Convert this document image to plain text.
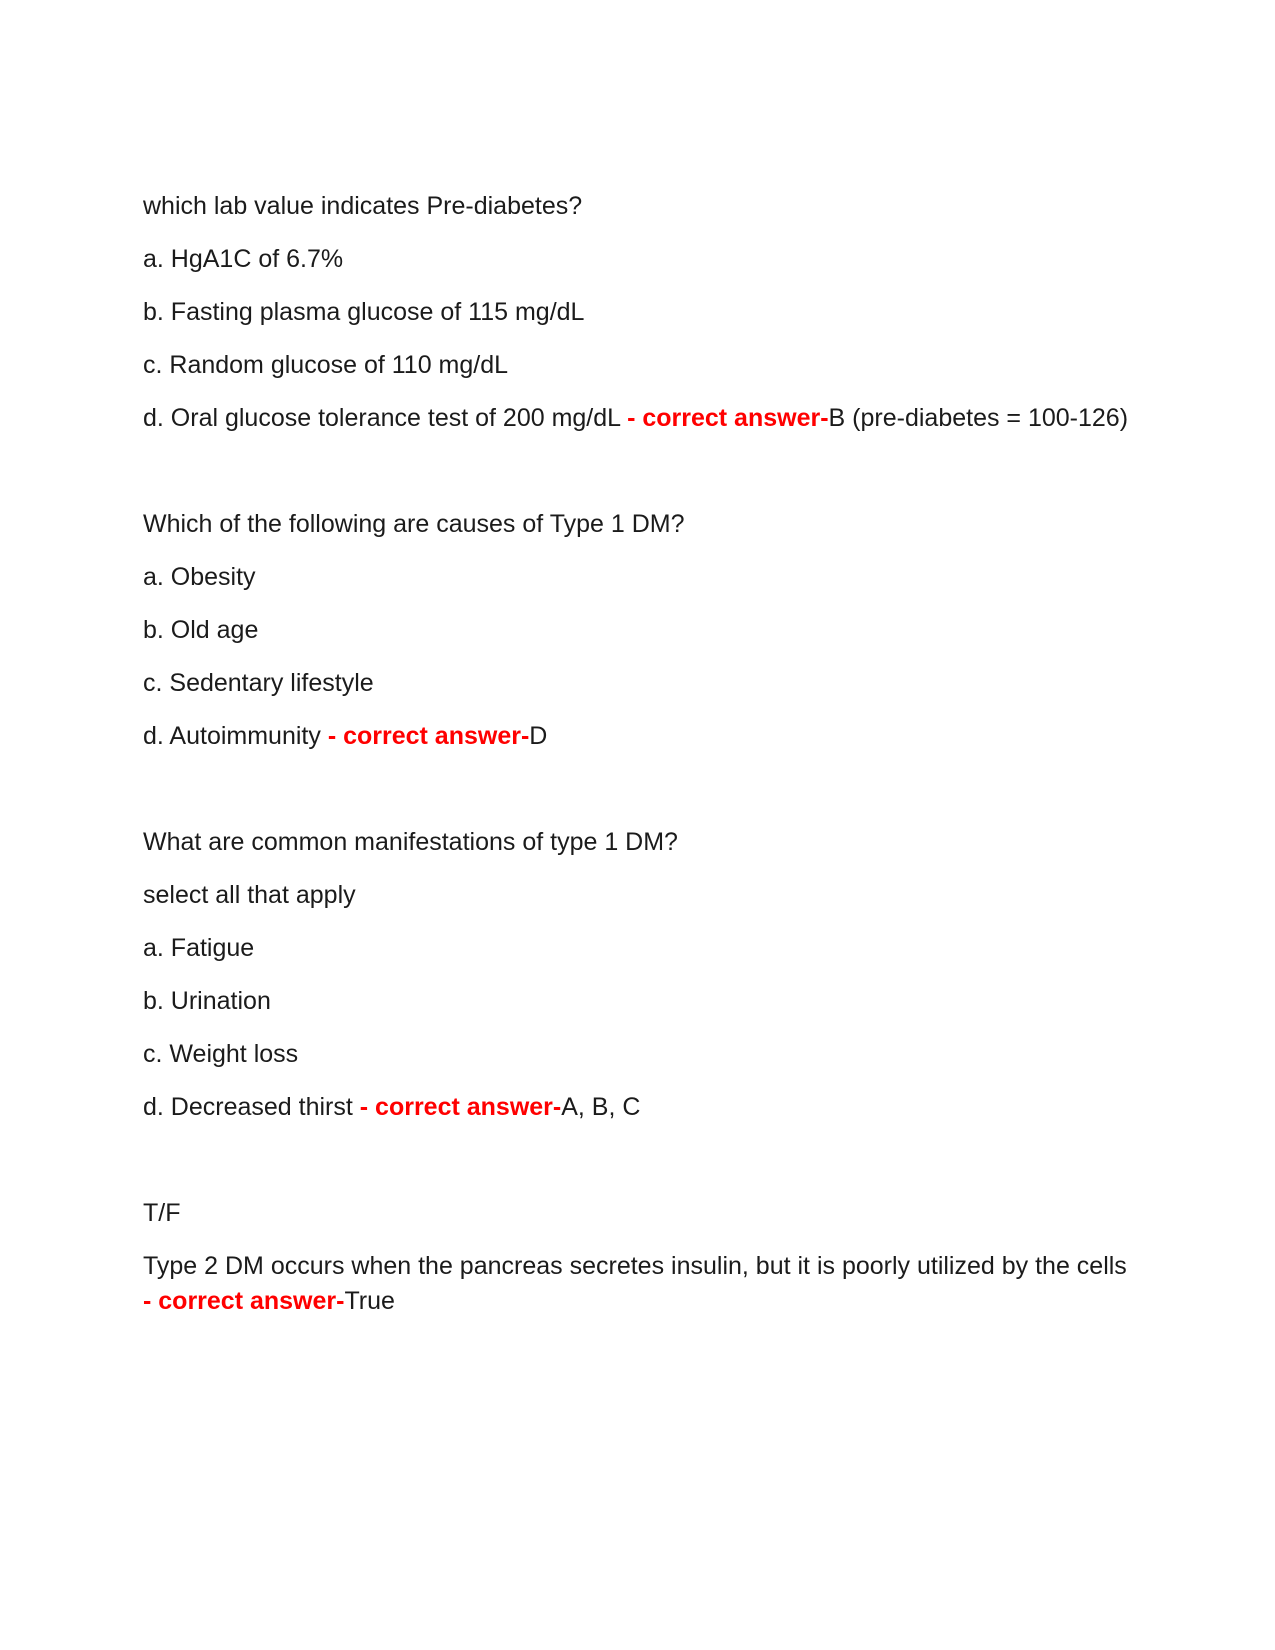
which lab value indicates Pre-diabetes?

a. HgA1C of 6.7%

b. Fasting plasma glucose of 115 mg/dL

c. Random glucose of 110 mg/dL

d. Oral glucose tolerance test of 200 mg/dL - correct answer-B (pre-diabetes = 100-126)

Which of the following are causes of Type 1 DM?

a. Obesity

b. Old age

c. Sedentary lifestyle

d. Autoimmunity - correct answer-D

What are common manifestations of type 1 DM?

select all that apply

a. Fatigue

b. Urination

c. Weight loss

d. Decreased thirst - correct answer-A, B, C

T/F

Type 2 DM occurs when the pancreas secretes insulin, but it is poorly utilized by the cells - correct answer-True
